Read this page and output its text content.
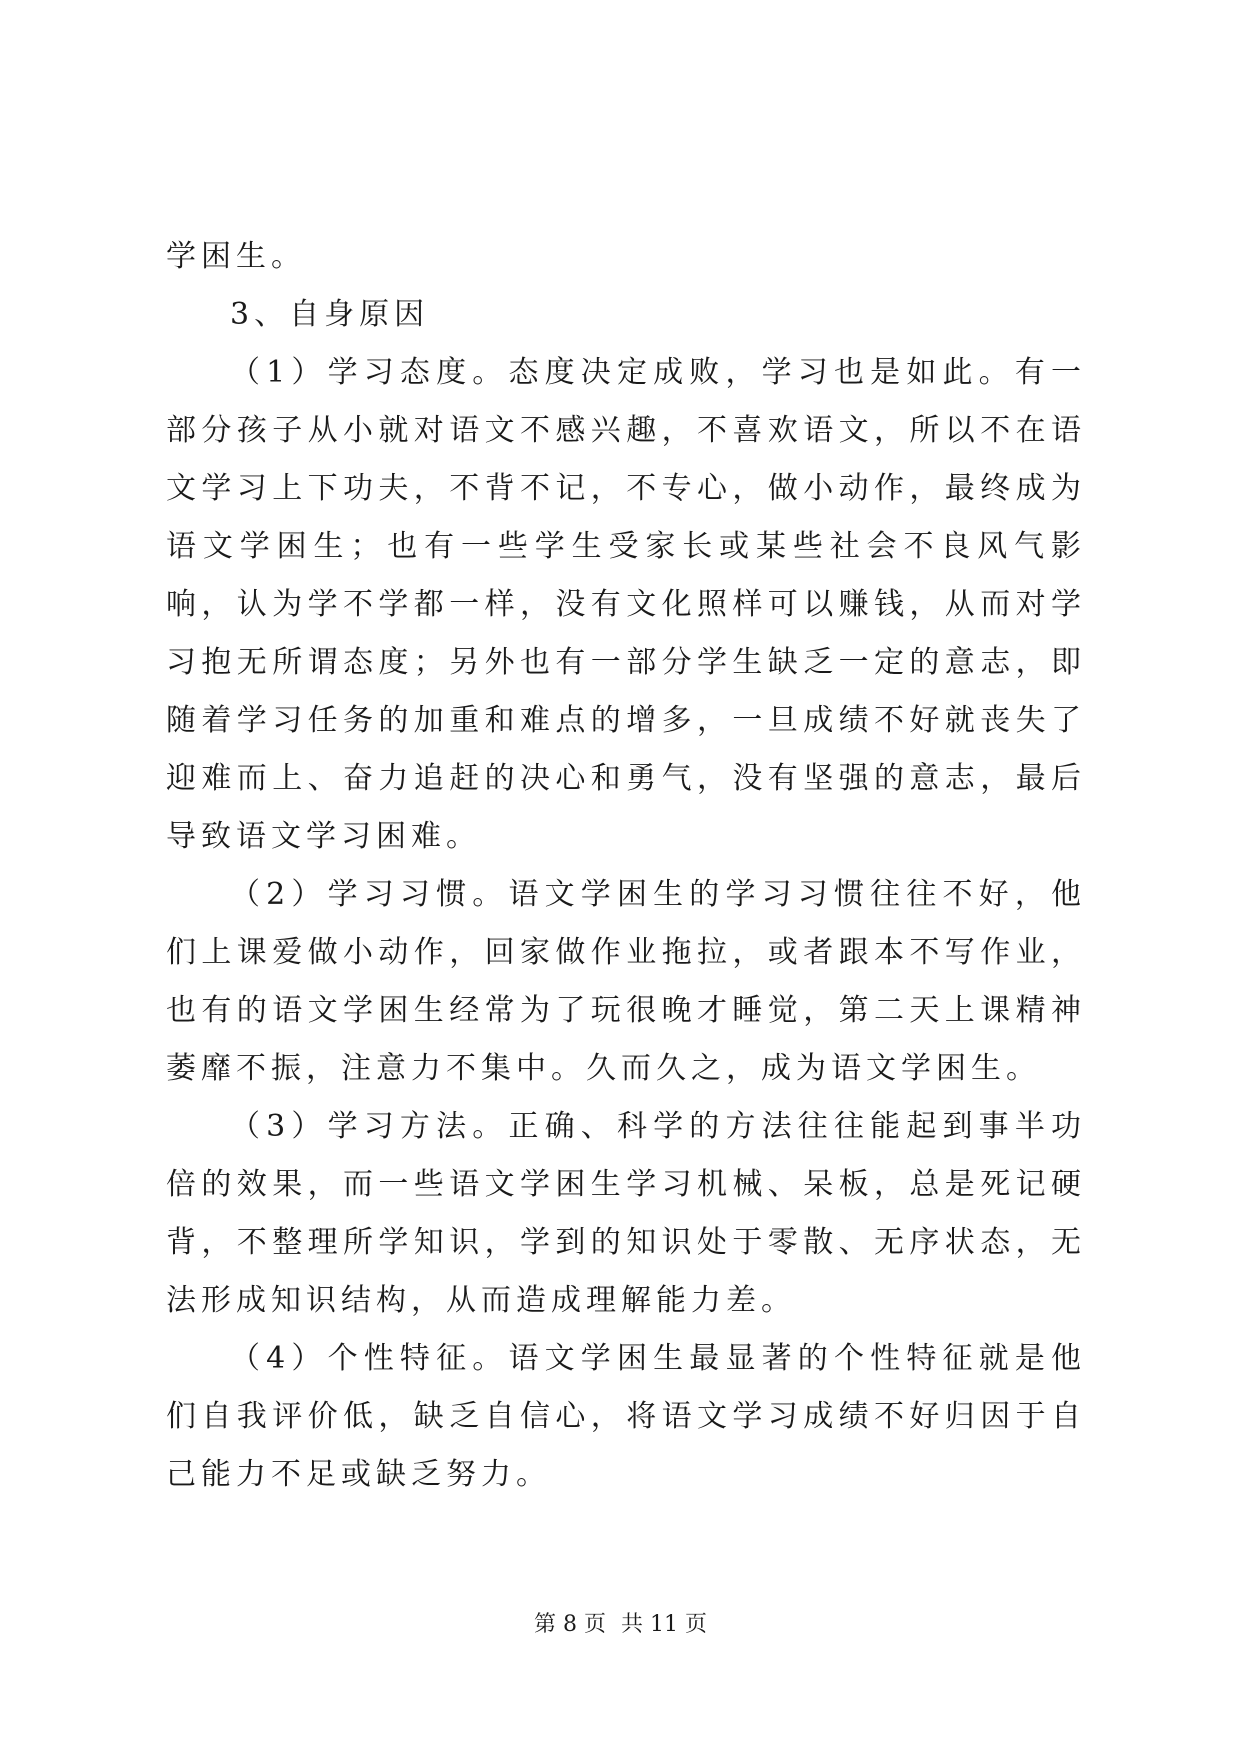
学困生。

3、自身原因

（1）学习态度。态度决定成败，学习也是如此。有一部分孩子从小就对语文不感兴趣，不喜欢语文，所以不在语文学习上下功夫，不背不记，不专心，做小动作，最终成为语文学困生；也有一些学生受家长或某些社会不良风气影响，认为学不学都一样，没有文化照样可以赚钱，从而对学习抱无所谓态度；另外也有一部分学生缺乏一定的意志，即随着学习任务的加重和难点的增多，一旦成绩不好就丧失了迎难而上、奋力追赶的决心和勇气，没有坚强的意志，最后导致语文学习困难。

（2）学习习惯。语文学困生的学习习惯往往不好，他们上课爱做小动作，回家做作业拖拉，或者跟本不写作业，也有的语文学困生经常为了玩很晚才睡觉，第二天上课精神萎靡不振，注意力不集中。久而久之，成为语文学困生。

（3）学习方法。正确、科学的方法往往能起到事半功倍的效果，而一些语文学困生学习机械、呆板，总是死记硬背，不整理所学知识，学到的知识处于零散、无序状态，无法形成知识结构，从而造成理解能力差。

（4）个性特征。语文学困生最显著的个性特征就是他们自我评价低，缺乏自信心，将语文学习成绩不好归因于自己能力不足或缺乏努力。

第 8 页 共 11 页
